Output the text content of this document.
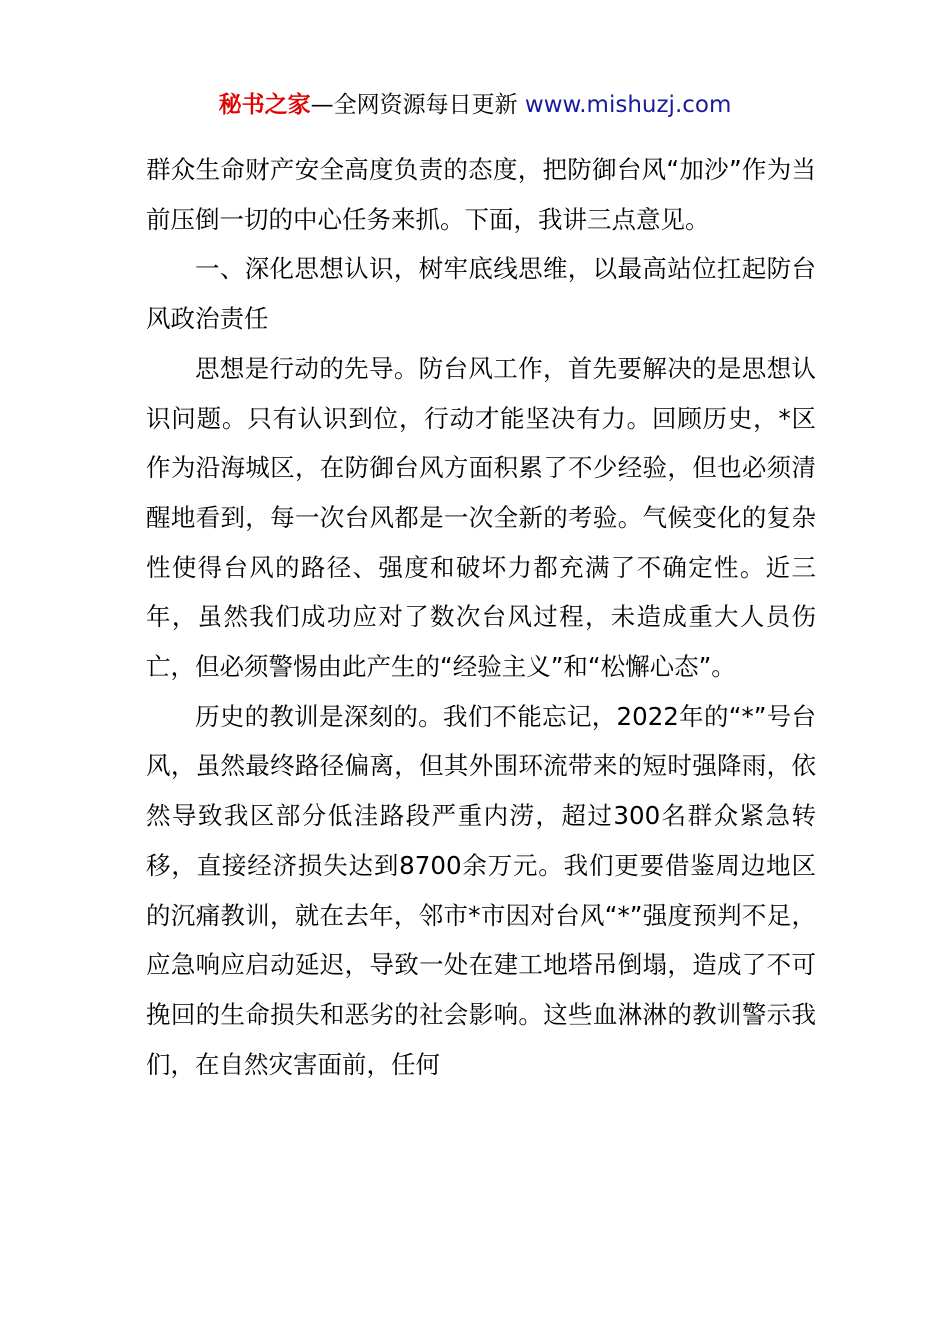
秘书之家—全网资源每日更新 www.mishuzj.com

群众生命财产安全高度负责的态度，把防御台风“加沙”作为当前压倒一切的中心任务来抓。下面，我讲三点意见。

一、深化思想认识，树牢底线思维，以最高站位扛起防台风政治责任

思想是行动的先导。防台风工作，首先要解决的是思想认识问题。只有认识到位，行动才能坚决有力。回顾历史，*区作为沿海城区，在防御台风方面积累了不少经验，但也必须清醒地看到，每一次台风都是一次全新的考验。气候变化的复杂性使得台风的路径、强度和破坏力都充满了不确定性。近三年，虽然我们成功应对了数次台风过程，未造成重大人员伤亡，但必须警惕由此产生的“经验主义”和“松懈心态”。

历史的教训是深刻的。我们不能忘记，2022年的“*”号台风，虽然最终路径偏离，但其外围环流带来的短时强降雨，依然导致我区部分低洼路段严重内涝，超过300名群众紧急转移，直接经济损失达到8700余万元。我们更要借鉴周边地区的沉痛教训，就在去年，邻市*市因对台风“*”强度预判不足，应急响应启动延迟，导致一处在建工地塔吊倒塌，造成了不可挽回的生命损失和恶劣的社会影响。这些血淋淋的教训警示我们，在自然灾害面前，任何
